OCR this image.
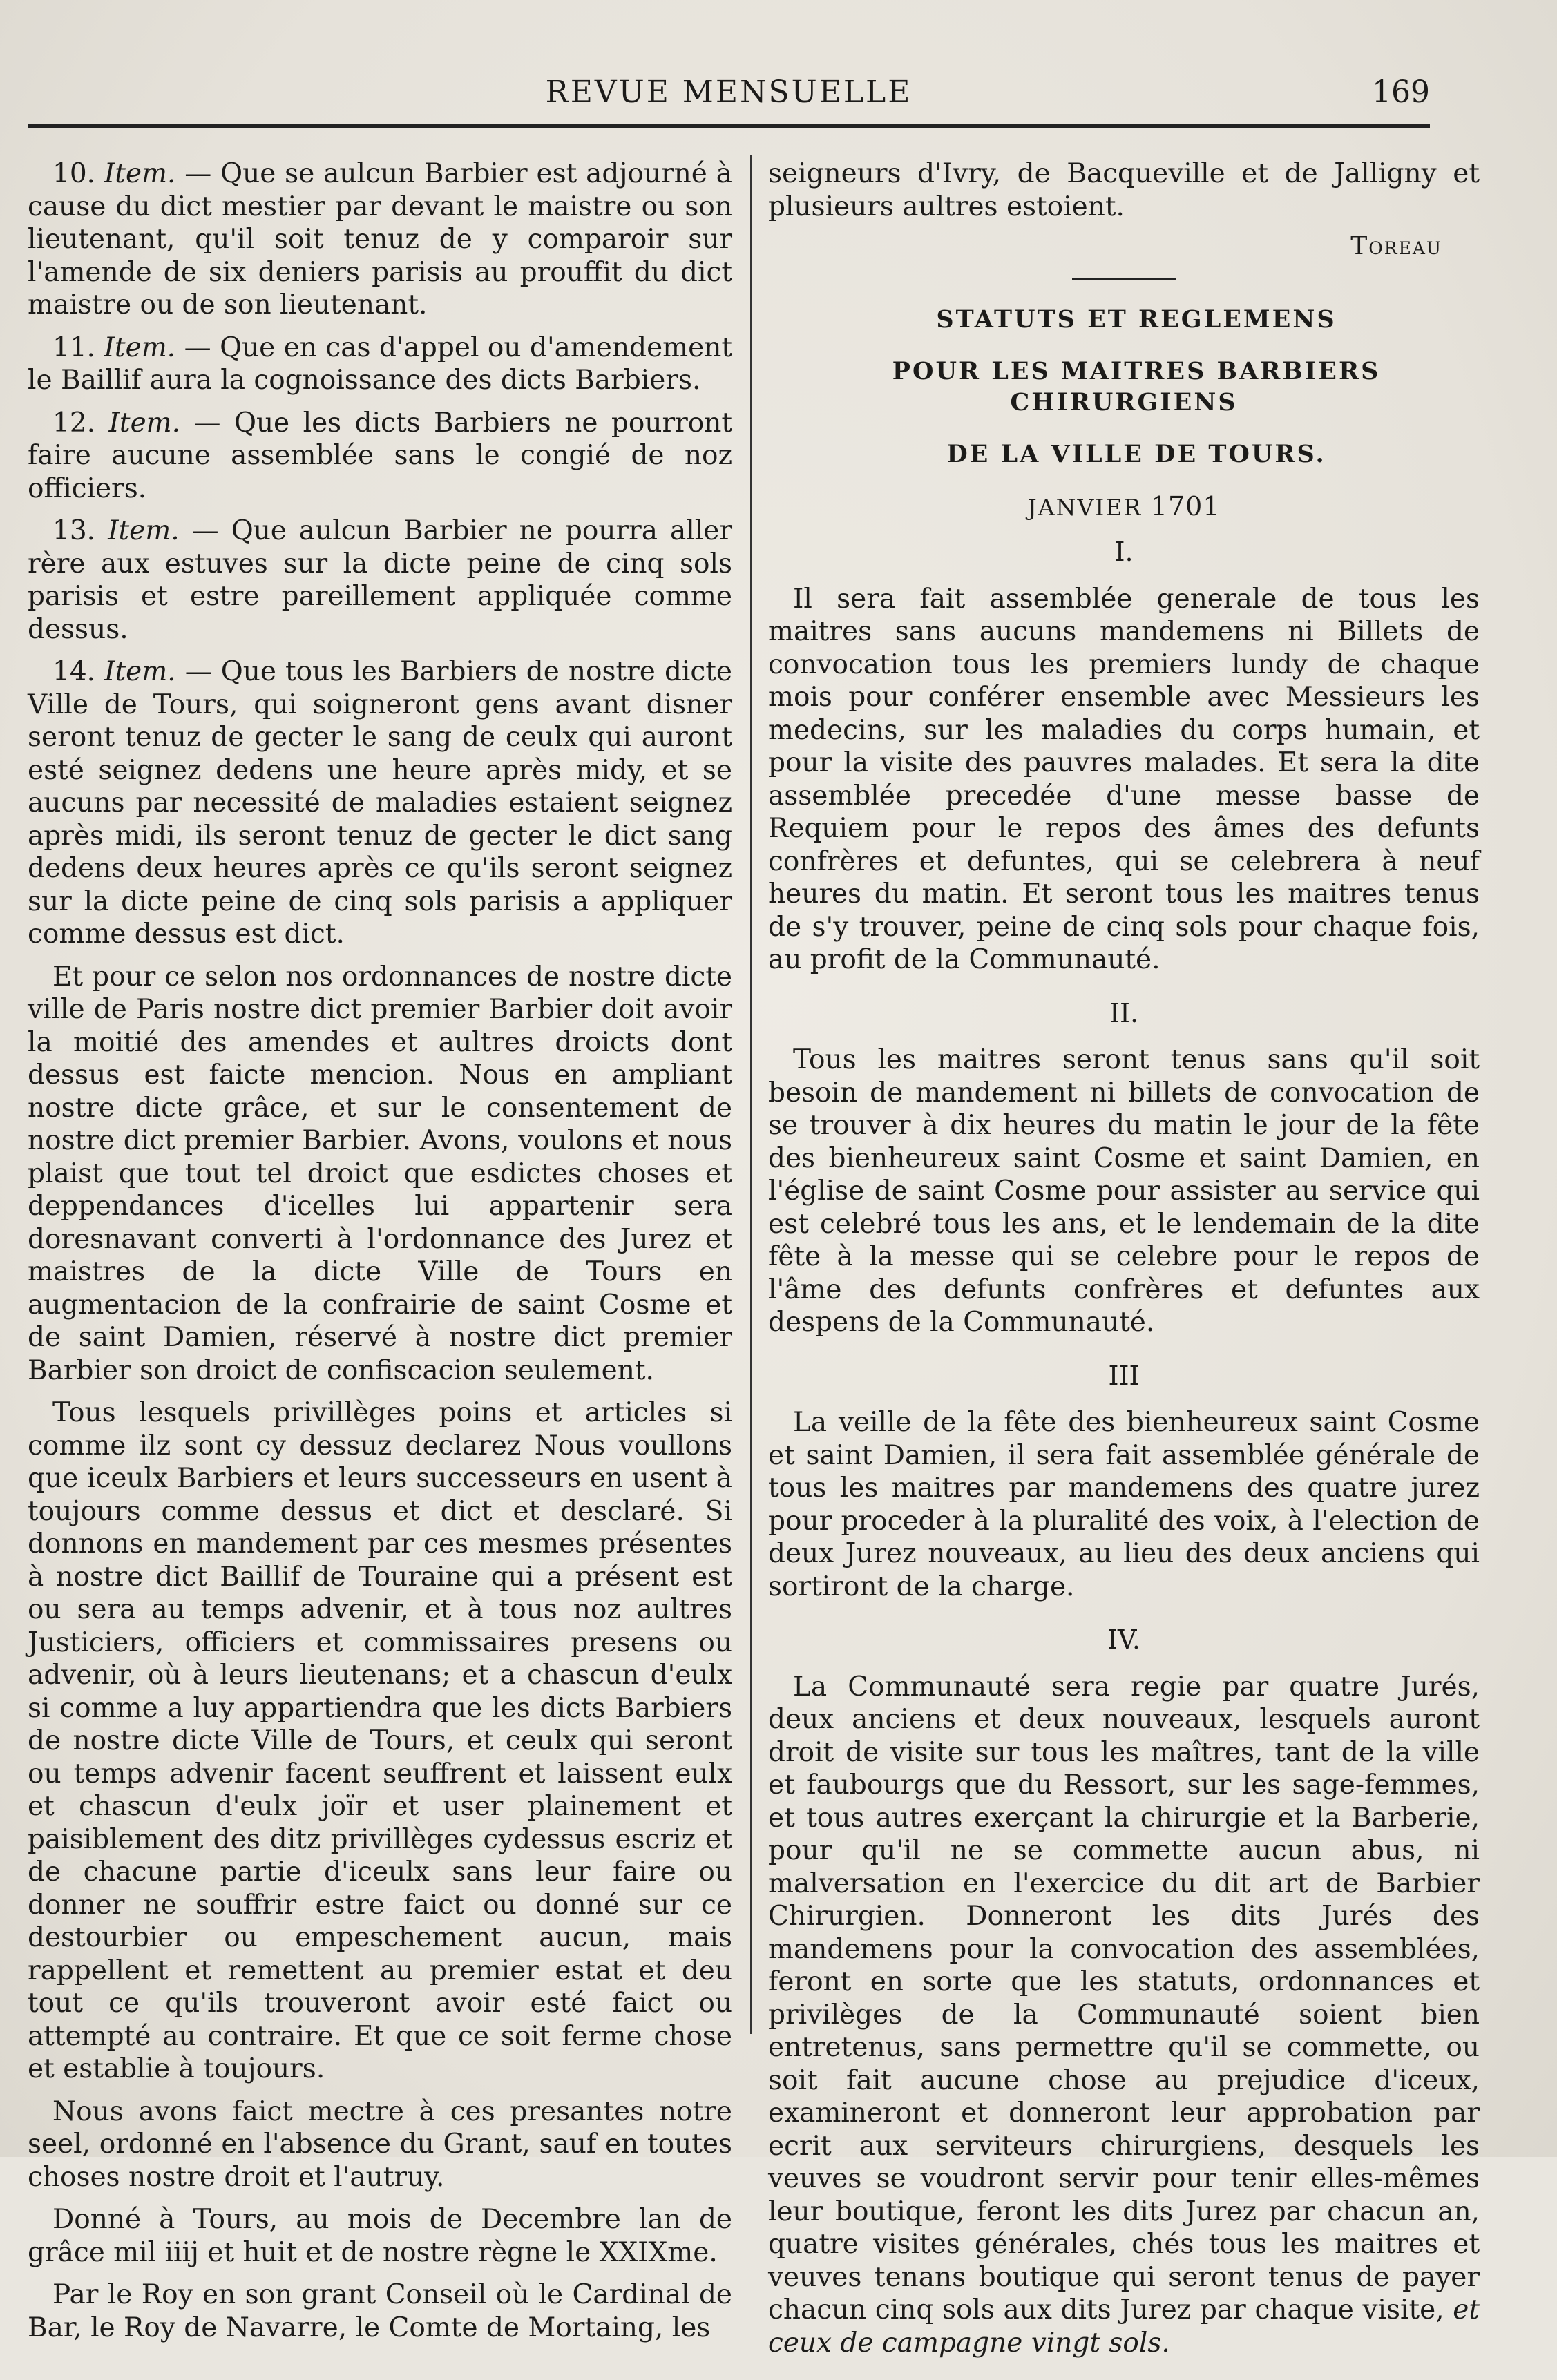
REVUE MENSUELLE	169

10. Item. — Que se aulcun Barbier est adjourné à cause du dict mestier par devant le maistre ou son lieutenant, qu'il soit tenuz de y comparoir sur l'amende de six deniers parisis au prouffit du dict maistre ou de son lieutenant.

11. Item. — Que en cas d'appel ou d'amendement le Baillif aura la cognoissance des dicts Barbiers.

12. Item. — Que les dicts Barbiers ne pourront faire aucune assemblée sans le congié de noz officiers.

13. Item. — Que aulcun Barbier ne pourra aller rère aux estuves sur la dicte peine de cinq sols parisis et estre pareillement appliquée comme dessus.

14. Item. — Que tous les Barbiers de nostre dicte Ville de Tours, qui soigneront gens avant disner seront tenuz de gecter le sang de ceulx qui auront esté seignez dedens une heure après midy, et se aucuns par necessité de maladies estaient seignez après midi, ils seront tenuz de gecter le dict sang dedens deux heures après ce qu'ils seront seignez sur la dicte peine de cinq sols parisis a appliquer comme dessus est dict.

Et pour ce selon nos ordonnances de nostre dicte ville de Paris nostre dict premier Barbier doit avoir la moitié des amendes et aultres droicts dont dessus est faicte mencion. Nous en ampliant nostre dicte grâce, et sur le consentement de nostre dict premier Barbier. Avons, voulons et nous plaist que tout tel droict que esdictes choses et deppendances d'icelles lui appartenir sera doresnavant converti à l'ordonnance des Jurez et maistres de la dicte Ville de Tours en augmentacion de la confrairie de saint Cosme et de saint Damien, réservé à nostre dict premier Barbier son droict de confiscacion seulement.

Tous lesquels privillèges poins et articles si comme ilz sont cy dessuz declarez Nous voullons que iceulx Barbiers et leurs successeurs en usent à toujours comme dessus et dict et desclaré. Si donnons en mandement par ces mesmes présentes à nostre dict Baillif de Touraine qui a présent est ou sera au temps advenir, et à tous noz aultres Justiciers, officiers et commissaires presens ou advenir, où à leurs lieutenans; et a chascun d'eulx si comme a luy appartiendra que les dicts Barbiers de nostre dicte Ville de Tours, et ceulx qui seront ou temps advenir facent seuffrent et laissent eulx et chascun d'eulx joïr et user plainement et paisiblement des ditz privillèges cydessus escriz et de chacune partie d'iceulx sans leur faire ou donner ne souffrir estre faict ou donné sur ce destourbier ou empeschement aucun, mais rappellent et remettent au premier estat et deu tout ce qu'ils trouveront avoir esté faict ou attempté au contraire. Et que ce soit ferme chose et establie à toujours.

Nous avons faict mectre à ces presantes notre seel, ordonné en l'absence du Grant, sauf en toutes choses nostre droit et l'autruy.

Donné à Tours, au mois de Decembre lan de grâce mil iiij et huit et de nostre règne le XXIXme.

Par le Roy en son grant Conseil où le Cardinal de Bar, le Roy de Navarre, le Comte de Mortaing, les

seigneurs d'Ivry, de Bacqueville et de Jalligny et plusieurs aultres estoient.

Toreau

STATUTS ET REGLEMENS

POUR LES MAITRES BARBIERS CHIRURGIENS

DE LA VILLE DE TOURS.

JANVIER 1701
I.

Il sera fait assemblée generale de tous les maitres sans aucuns mandemens ni Billets de convocation tous les premiers lundy de chaque mois pour conférer ensemble avec Messieurs les medecins, sur les maladies du corps humain, et pour la visite des pauvres malades. Et sera la dite assemblée precedée d'une messe basse de Requiem pour le repos des âmes des defunts confrères et defuntes, qui se celebrera à neuf heures du matin. Et seront tous les maitres tenus de s'y trouver, peine de cinq sols pour chaque fois, au profit de la Communauté.

II.

Tous les maitres seront tenus sans qu'il soit besoin de mandement ni billets de convocation de se trouver à dix heures du matin le jour de la fête des bienheureux saint Cosme et saint Damien, en l'église de saint Cosme pour assister au service qui est celebré tous les ans, et le lendemain de la dite fête à la messe qui se celebre pour le repos de l'âme des defunts confrères et defuntes aux despens de la Communauté.

III

La veille de la fête des bienheureux saint Cosme et saint Damien, il sera fait assemblée générale de tous les maitres par mandemens des quatre jurez pour proceder à la pluralité des voix, à l'election de deux Jurez nouveaux, au lieu des deux anciens qui sortiront de la charge.

IV.

La Communauté sera regie par quatre Jurés, deux anciens et deux nouveaux, lesquels auront droit de visite sur tous les maîtres, tant de la ville et faubourgs que du Ressort, sur les sage-femmes, et tous autres exerçant la chirurgie et la Barberie, pour qu'il ne se commette aucun abus, ni malversation en l'exercice du dit art de Barbier Chirurgien. Donneront les dits Jurés des mandemens pour la convocation des assemblées, feront en sorte que les statuts, ordonnances et privilèges de la Communauté soient bien entretenus, sans permettre qu'il se commette, ou soit fait aucune chose au prejudice d'iceux, examineront et donneront leur approbation par ecrit aux serviteurs chirurgiens, desquels les veuves se voudront servir pour tenir elles-mêmes leur boutique, feront les dits Jurez par chacun an, quatre visites générales, chés tous les maitres et veuves tenans boutique qui seront tenus de payer chacun cinq sols aux dits Jurez par chaque visite, et ceux de campagne vingt sols.
